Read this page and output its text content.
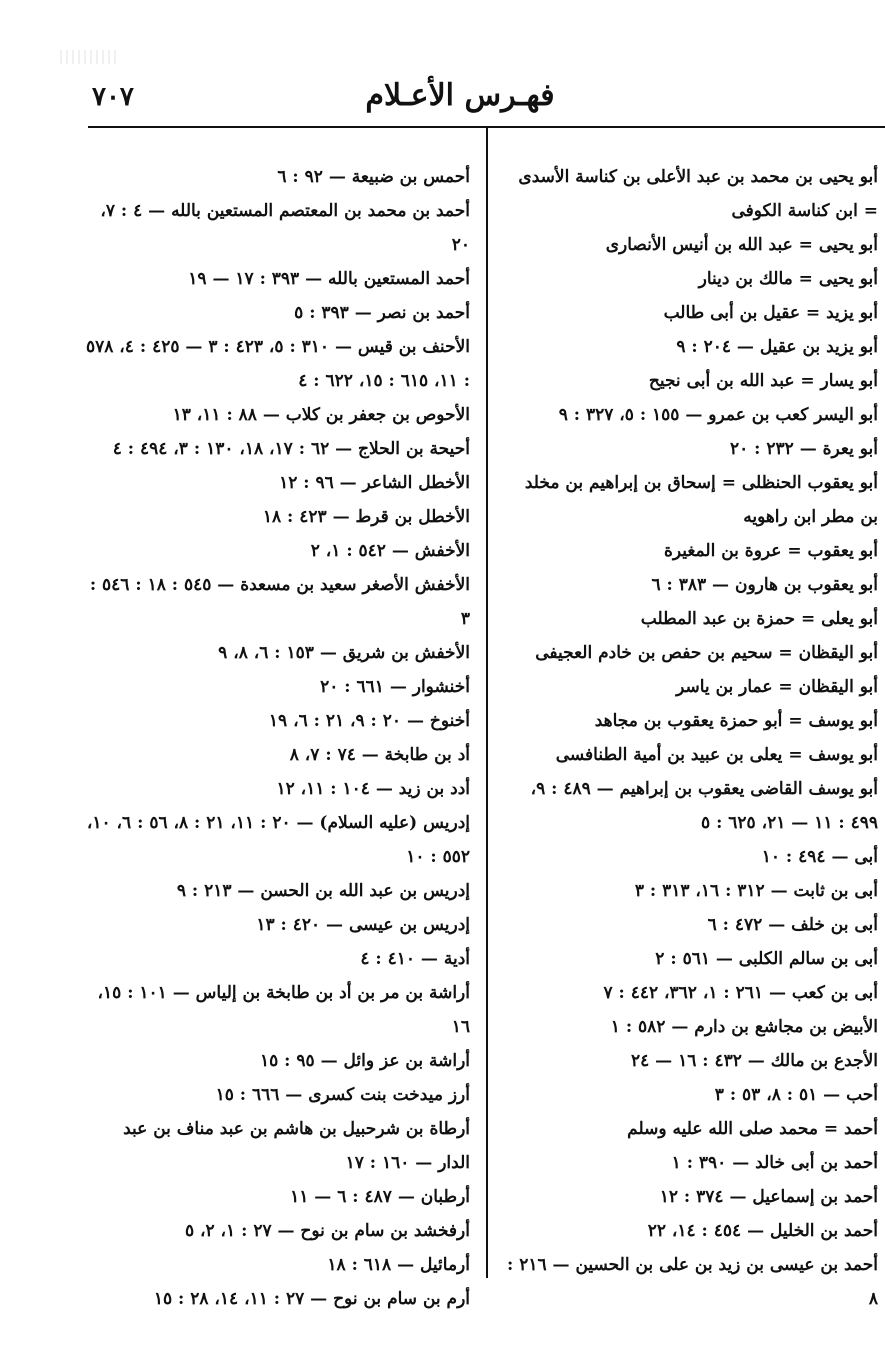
٧٠٧	فهـرس الأعـلام

أبو يحيى بن محمد بن عبد الأعلى بن كناسة الأسدى = ابن كناسة الكوفى

أبو يحيى = عبد الله بن أنيس الأنصارى

أبو يحيى = مالك بن دينار

أبو يزيد = عقيل بن أبى طالب

أبو يزيد بن عقيل — ٢٠٤ : ٩

أبو يسار = عبد الله بن أبى نجيح

أبو اليسر كعب بن عمرو — ١٥٥ : ٥، ٣٢٧ : ٩

أبو يعرة — ٢٣٢ : ٢٠

أبو يعقوب الحنظلى = إسحاق بن إبراهيم بن مخلد بن مطر ابن راهويه

أبو يعقوب = عروة بن المغيرة

أبو يعقوب بن هارون — ٣٨٣ : ٦

أبو يعلى = حمزة بن عبد المطلب

أبو اليقظان = سحيم بن حفص بن خادم العجيفى

أبو اليقظان = عمار بن ياسر

أبو يوسف = أبو حمزة يعقوب بن مجاهد

أبو يوسف = يعلى بن عبيد بن أمية الطنافسى

أبو يوسف القاضى يعقوب بن إبراهيم — ٤٨٩ : ٩، ٤٩٩ : ١١ — ٢١، ٦٢٥ : ٥

أبى — ٤٩٤ : ١٠

أبى بن ثابت — ٣١٢ : ١٦، ٣١٣ : ٣

أبى بن خلف — ٤٧٢ : ٦

أبى بن سالم الكلبى — ٥٦١ : ٢

أبى بن كعب — ٢٦١ : ١، ٣٦٢، ٤٤٢ : ٧

الأبيض بن مجاشع بن دارم — ٥٨٢ : ١

الأجدع بن مالك — ٤٣٢ : ١٦ — ٢٤

أحب — ٥١ : ٨، ٥٣ : ٣

أحمد = محمد صلى الله عليه وسلم

أحمد بن أبى خالد — ٣٩٠ : ١

أحمد بن إسماعيل — ٣٧٤ : ١٢

أحمد بن الخليل — ٤٥٤ : ١٤، ٢٢

أحمد بن عيسى بن زيد بن على بن الحسين — ٢١٦ : ٨

أحمس بن ضبيعة — ٩٢ : ٦

أحمد بن محمد بن المعتصم المستعين بالله — ٤ : ٧، ٢٠

أحمد المستعين بالله — ٣٩٣ : ١٧ — ١٩

أحمد بن نصر — ٣٩٣ : ٥

الأحنف بن قيس — ٣١٠ : ٥، ٤٢٣ : ٣ — ٤٢٥ : ٤، ٥٧٨ : ١١، ٦١٥ : ١٥، ٦٢٢ : ٤

الأحوص بن جعفر بن كلاب — ٨٨ : ١١، ١٣

أحيحة بن الحلاج — ٦٢ : ١٧، ١٨، ١٣٠ : ٣، ٤٩٤ : ٤

الأخطل الشاعر — ٩٦ : ١٢

الأخطل بن قرط — ٤٢٣ : ١٨

الأخفش — ٥٤٢ : ١، ٢

الأخفش الأصغر سعيد بن مسعدة — ٥٤٥ : ١٨ : ٥٤٦ : ٣

الأخفش بن شريق — ١٥٣ : ٦، ٨، ٩

أخنشوار — ٦٦١ : ٢٠

أخنوخ — ٢٠ : ٩، ٢١ : ٦، ١٩

أد بن طابخة — ٧٤ : ٧، ٨

أدد بن زيد — ١٠٤ : ١١، ١٢

إدريس (عليه السلام) — ٢٠ : ١١، ٢١ : ٨، ٥٦ : ٦، ١٠، ٥٥٢ : ١٠

إدريس بن عبد الله بن الحسن — ٢١٣ : ٩

إدريس بن عيسى — ٤٢٠ : ١٣

أدية — ٤١٠ : ٤

أراشة بن مر بن أد بن طابخة بن إلياس — ١٠١ : ١٥، ١٦

أراشة بن عز وائل — ٩٥ : ١٥

أرز ميدخت بنت كسرى — ٦٦٦ : ١٥

أرطاة بن شرحبيل بن هاشم بن عبد مناف بن عبد الدار — ١٦٠ : ١٧

أرطبان — ٤٨٧ : ٦ — ١١

أرفخشد بن سام بن نوح — ٢٧ : ١، ٢، ٥

أرمائيل — ٦١٨ : ١٨

أرم بن سام بن نوح — ٢٧ : ١١، ١٤، ٢٨ : ١٥
